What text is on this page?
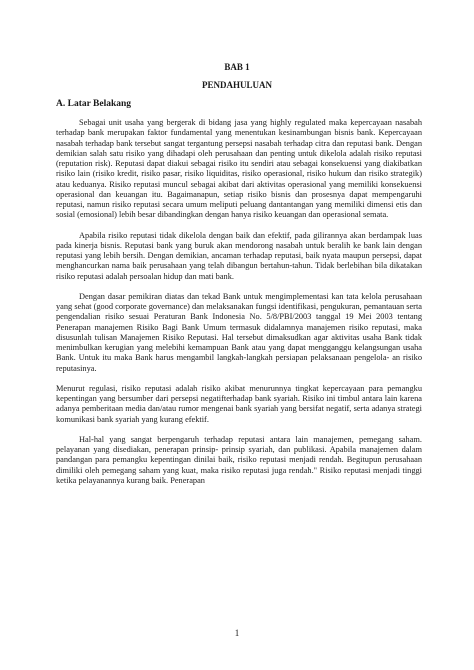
BAB 1
PENDAHULUAN
A. Latar Belakang

Sebagai unit usaha yang bergerak di bidang jasa yang highly regulated maka kepercayaan nasabah terhadap bank merupakan faktor fundamental yang menentukan kesinambungan bisnis bank. Kepercayaan nasabah terhadap bank tersebut sangat tergantung persepsi nasabah terhadap citra dan reputasi bank. Dengan demikian salah satu risiko yang dihadapi oleh perusahaan dan penting untuk dikelola adalah risiko reputasi (reputation risk). Reputasi dapat diakui sebagai risiko itu sendiri atau sebagai konsekuensi yang diakibatkan risiko lain (risiko kredit, risiko pasar, risiko liquiditas, risiko operasional, risiko hukum dan risiko strategik) atau keduanya. Risiko reputasi muncul sebagai akibat dari aktivitas operasional yang memiliki konsekuensi operasional dan keuangan itu. Bagaimanapun, setiap risiko bisnis dan prosesnya dapat mempengaruhi reputasi, namun risiko reputasi secara umum meliputi peluang dantantangan yang memiliki dimensi etis dan sosial (emosional) lebih besar dibandingkan dengan hanya risiko keuangan dan operasional semata.

Apabila risiko reputasi tidak dikelola dengan baik dan efektif, pada gilirannya akan berdampak luas pada kinerja bisnis. Reputasi bank yang buruk akan mendorong nasabah untuk beralih ke bank lain dengan reputasi yang lebih bersih. Dengan demikian, ancaman terhadap reputasi, baik nyata maupun persepsi, dapat menghancurkan nama baik perusahaan yang telah dibangun bertahun-tahun. Tidak berlebihan bila dikatakan risiko reputasi adalah persoalan hidup dan mati bank.

Dengan dasar pemikiran diatas dan tekad Bank untuk mengimplementasi kan tata kelola perusahaan yang sehat (good corporate governance) dan melaksanakan fungsi identifikasi, pengukuran, pemantauan serta pengendalian risiko sesuai Peraturan Bank Indonesia No. 5/8/PBI/2003 tanggal 19 Mei 2003 tentang Penerapan manajemen Risiko Bagi Bank Umum termasuk didalamnya manajemen risiko reputasi, maka disusunlah tulisan Manajemen Risiko Reputasi. Hal tersebut dimaksudkan agar aktivitas usaha Bank tidak menimbulkan kerugian yang melebihi kemampuan Bank atau yang dapat mengganggu kelangsungan usaha Bank. Untuk itu maka Bank harus mengambil langkah-langkah persiapan pelaksanaan pengelola- an risiko reputasinya.

Menurut regulasi, risiko reputasi adalah risiko akibat menurunnya tingkat kepercayaan para pemangku kepentingan yang bersumber dari persepsi negatifterhadap bank syariah. Risiko ini timbul antara lain karena adanya pemberitaan media dan/atau rumor mengenai bank syariah yang bersifat negatif, serta adanya strategi komunikasi bank syariah yang kurang efektif.

Hal-hal yang sangat berpengaruh terhadap reputasi antara lain manajemen, pemegang saham. pelayanan yang disediakan, penerapan prinsip- prinsip syariah, dan publikasi. Apabila manajemen dalam pandangan para pemangku kepentingan dinilai baik, risiko reputasi menjadi rendah. Begitupun perusahaan dimiliki oleh pemegang saham yang kuat, maka risiko reputasi juga rendah." Risiko reputasi menjadi tinggi ketika pelayanannya kurang baik. Penerapan

1
